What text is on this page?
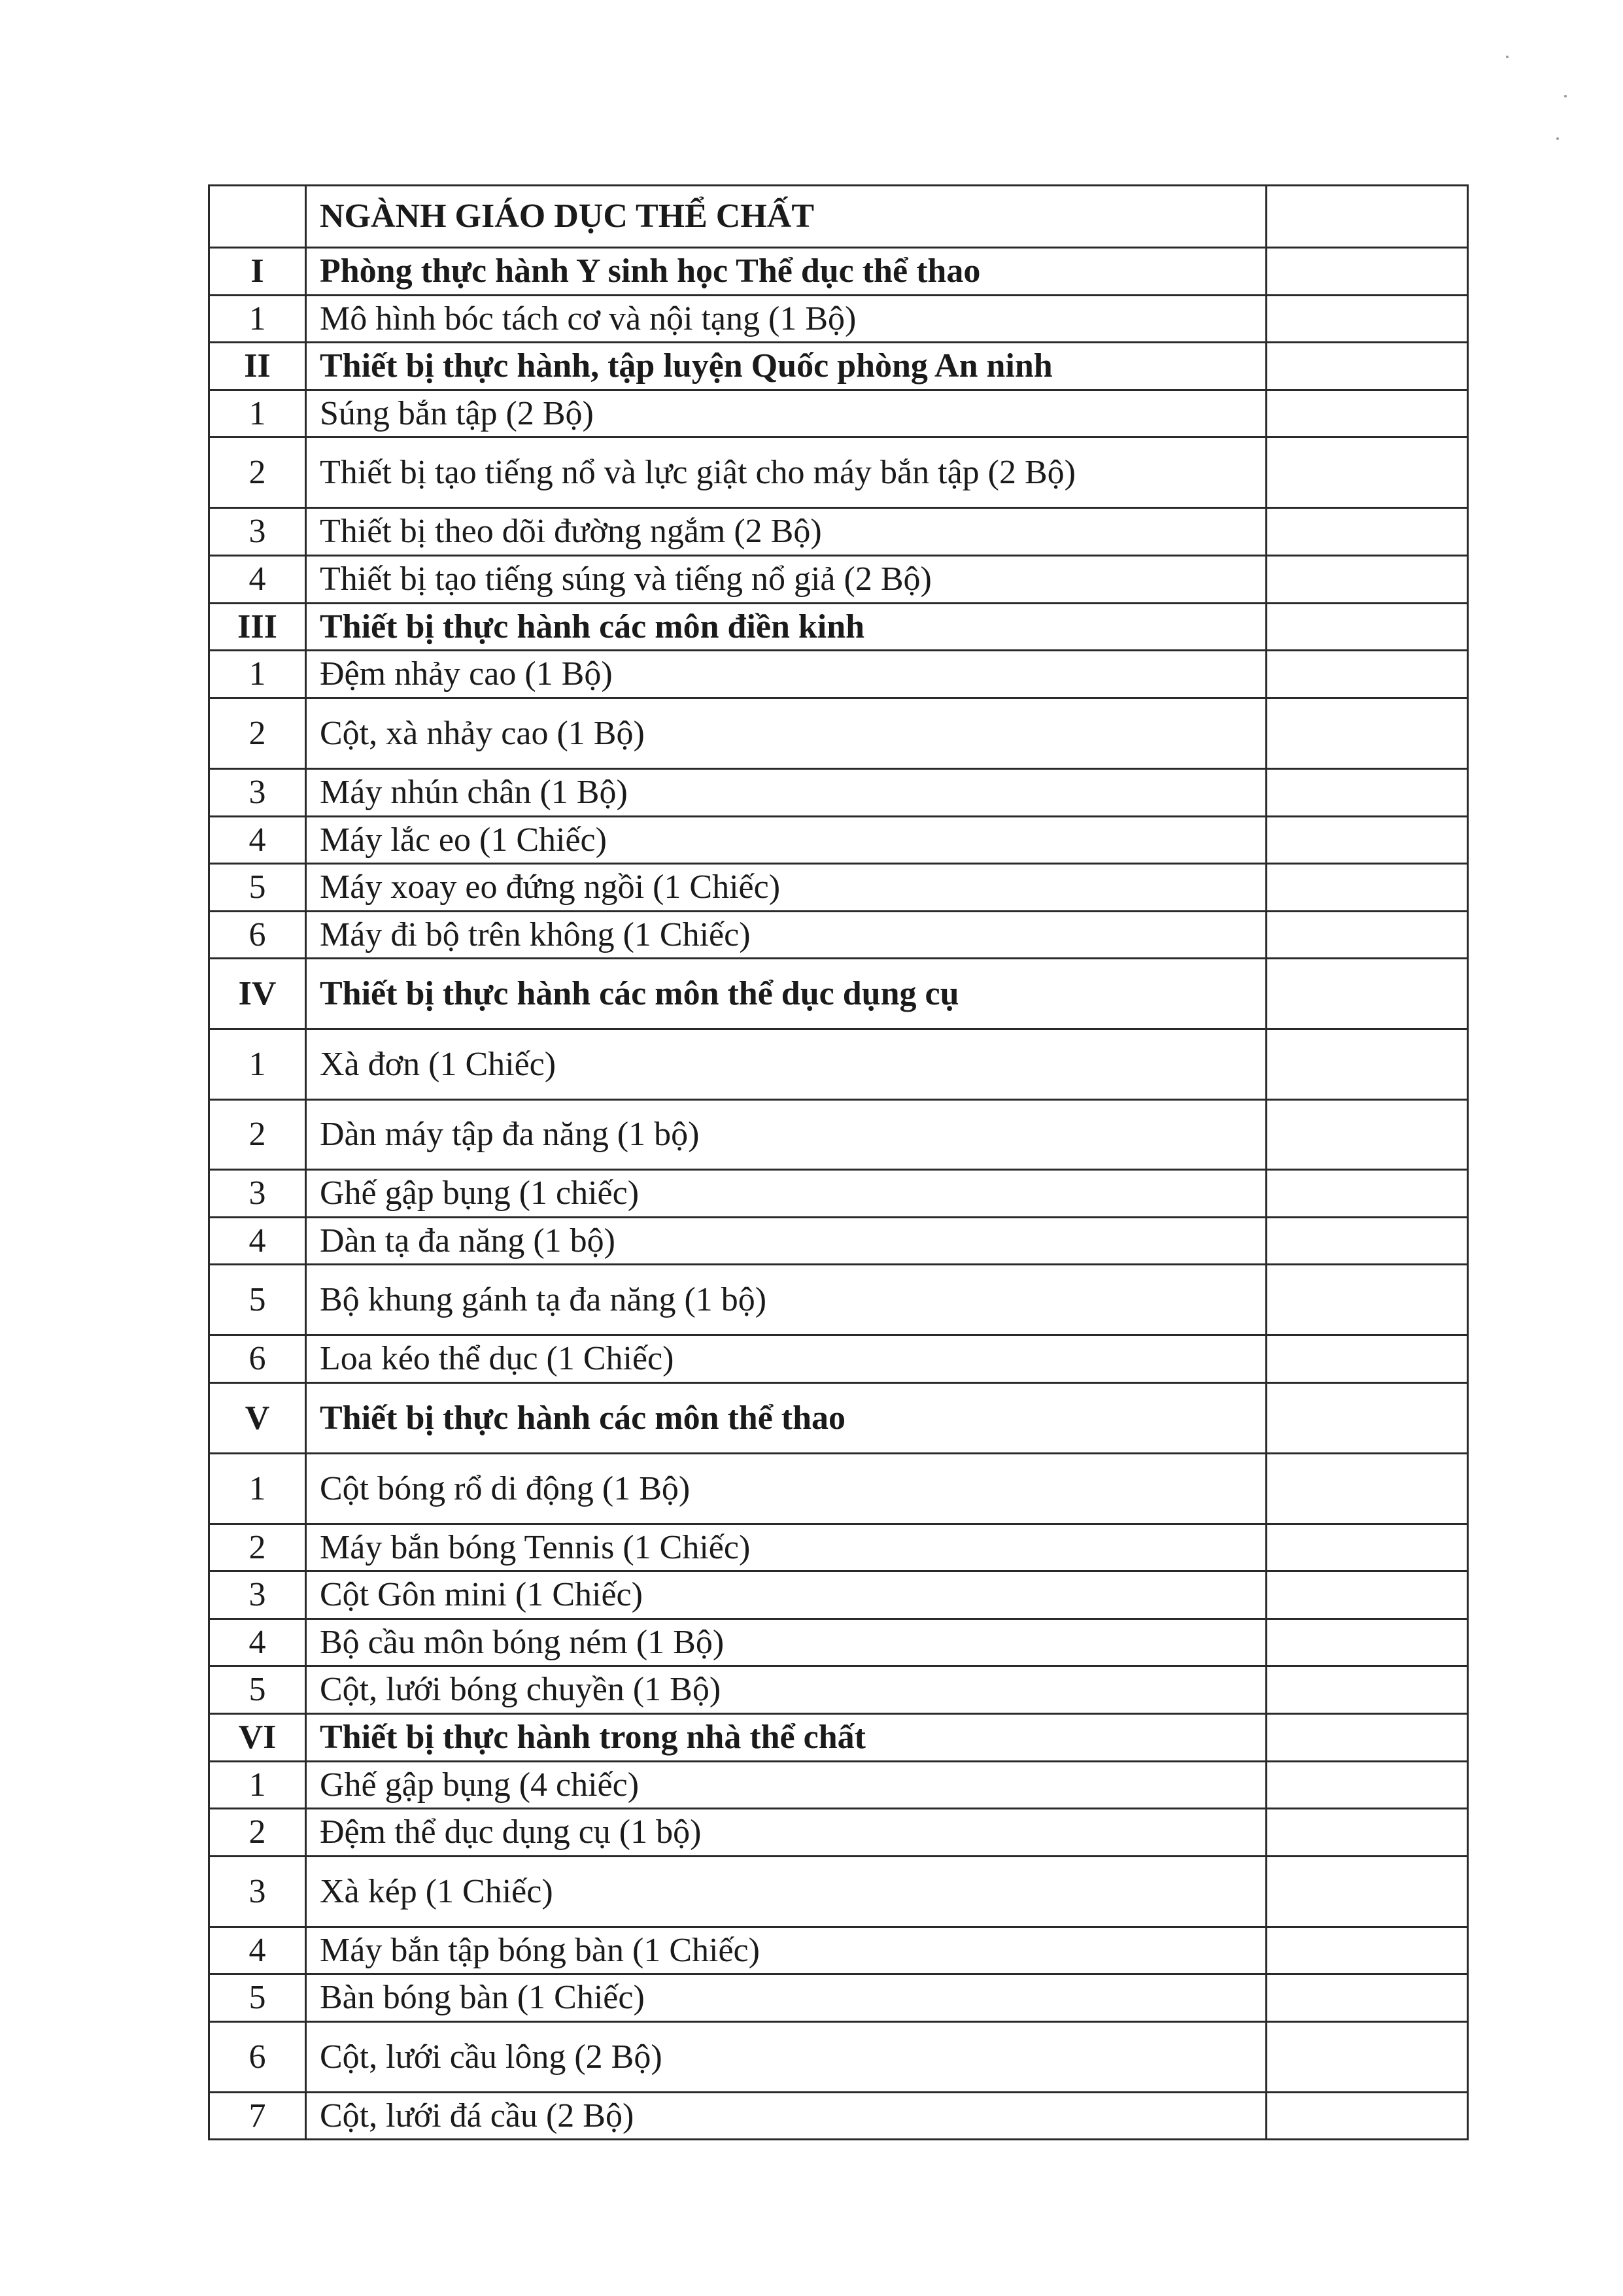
	NGÀNH GIÁO DỤC THỂ CHẤT	
I	Phòng thực hành Y sinh học Thể dục thể thao	
1	Mô hình bóc tách cơ và nội tạng (1 Bộ)	
II	Thiết bị thực hành, tập luyện Quốc phòng An ninh	
1	Súng bắn tập (2 Bộ)	
2	Thiết bị tạo tiếng nổ và lực giật cho máy bắn tập (2 Bộ)	
3	Thiết bị theo dõi đường ngắm (2 Bộ)	
4	Thiết bị tạo tiếng súng và tiếng nổ giả (2 Bộ)	
III	Thiết bị thực hành các môn điền kinh	
1	Đệm nhảy cao (1 Bộ)	
2	Cột, xà nhảy cao (1 Bộ)	
3	Máy nhún chân (1 Bộ)	
4	Máy lắc eo (1 Chiếc)	
5	Máy xoay eo đứng ngồi (1 Chiếc)	
6	Máy đi bộ trên không (1 Chiếc)	
IV	Thiết bị thực hành các môn thể dục dụng cụ	
1	Xà đơn (1 Chiếc)	
2	Dàn máy tập đa năng (1 bộ)	
3	Ghế gập bụng (1 chiếc)	
4	Dàn tạ đa năng (1 bộ)	
5	Bộ khung gánh tạ đa năng (1 bộ)	
6	Loa kéo thể dục (1 Chiếc)	
V	Thiết bị thực hành các môn thể thao	
1	Cột bóng rổ di động (1 Bộ)	
2	Máy bắn bóng Tennis (1 Chiếc)	
3	Cột Gôn mini (1 Chiếc)	
4	Bộ cầu môn bóng ném (1 Bộ)	
5	Cột, lưới bóng chuyền (1 Bộ)	
VI	Thiết bị thực hành trong nhà thể chất	
1	Ghế gập bụng (4 chiếc)	
2	Đệm thể dục dụng cụ (1 bộ)	
3	Xà kép (1 Chiếc)	
4	Máy bắn tập bóng bàn (1 Chiếc)	
5	Bàn bóng bàn (1 Chiếc)	
6	Cột, lưới cầu lông (2 Bộ)	
7	Cột, lưới đá cầu (2 Bộ)	
